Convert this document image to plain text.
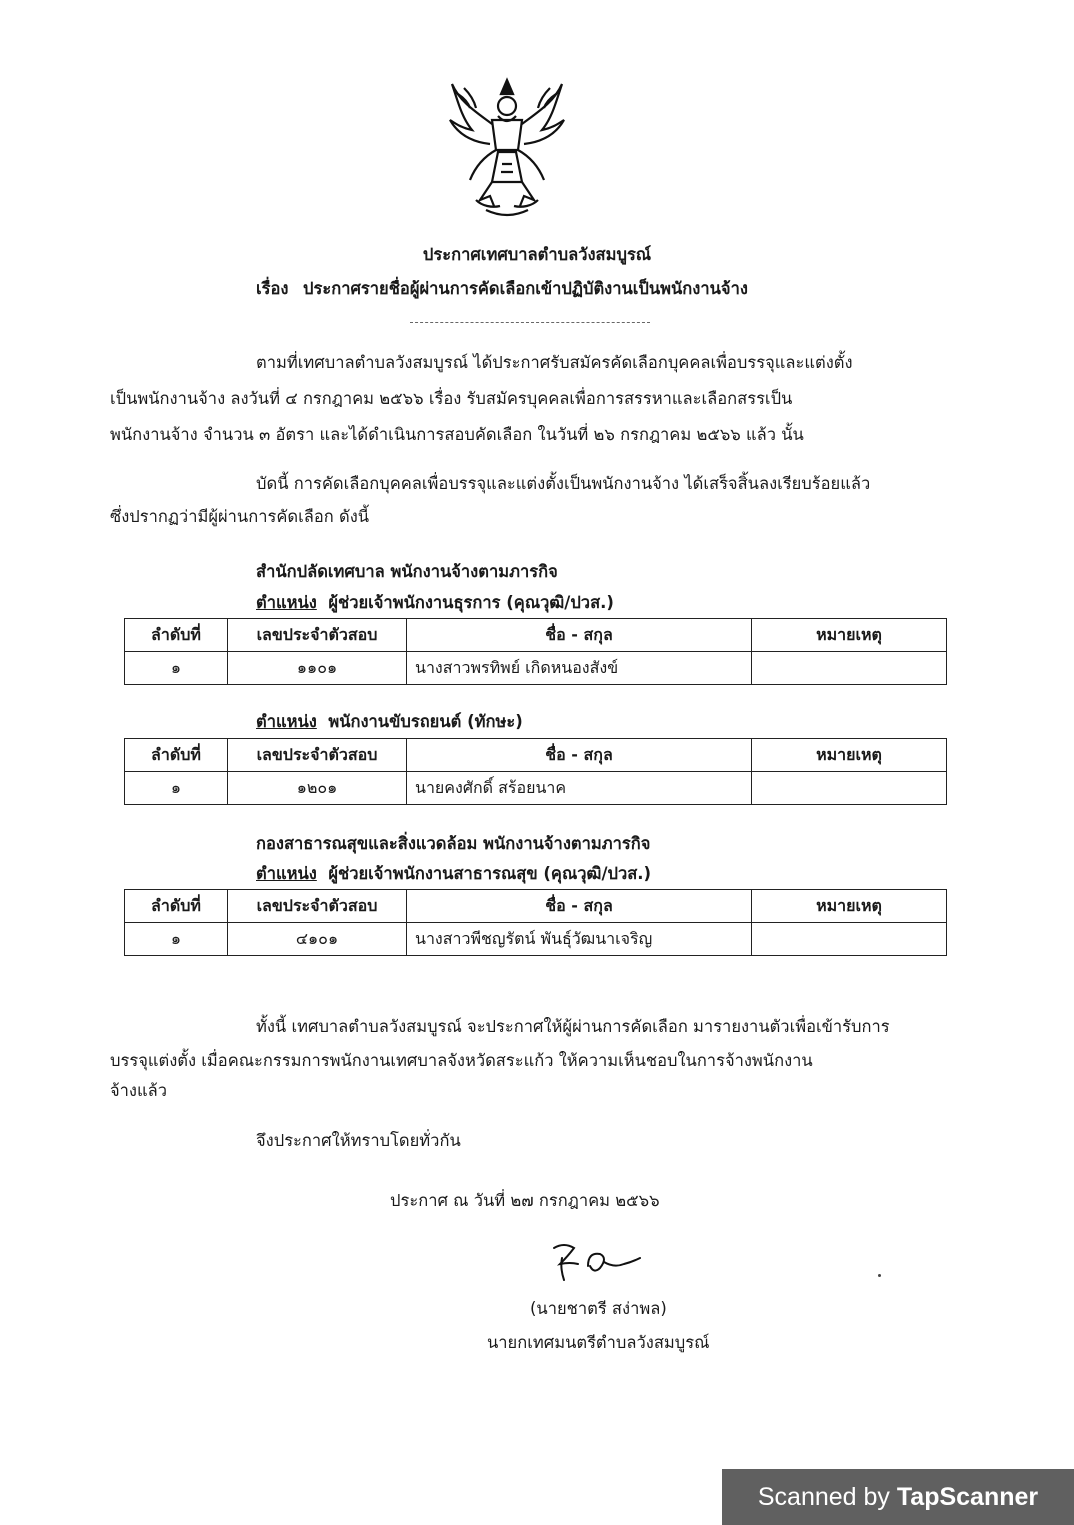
ประกาศเทศบาลตำบลวังสมบูรณ์
เรื่อง ประกาศรายชื่อผู้ผ่านการคัดเลือกเข้าปฏิบัติงานเป็นพนักงานจ้าง
ตามที่เทศบาลตำบลวังสมบูรณ์ ได้ประกาศรับสมัครคัดเลือกบุคคลเพื่อบรรจุและแต่งตั้ง
เป็นพนักงานจ้าง ลงวันที่ ๔ กรกฎาคม ๒๕๖๖ เรื่อง รับสมัครบุคคลเพื่อการสรรหาและเลือกสรรเป็น
พนักงานจ้าง จำนวน ๓ อัตรา และได้ดำเนินการสอบคัดเลือก ในวันที่ ๒๖ กรกฎาคม ๒๕๖๖ แล้ว นั้น
บัดนี้ การคัดเลือกบุคคลเพื่อบรรจุและแต่งตั้งเป็นพนักงานจ้าง ได้เสร็จสิ้นลงเรียบร้อยแล้ว
ซึ่งปรากฏว่ามีผู้ผ่านการคัดเลือก ดังนี้
สำนักปลัดเทศบาล พนักงานจ้างตามภารกิจ
ตำแหน่ง ผู้ช่วยเจ้าพนักงานธุรการ (คุณวุฒิ/ปวส.)
ลำดับที่	เลขประจำตัวสอบ	ชื่อ - สกุล	หมายเหตุ
๑	๑๑๐๑	นางสาวพรทิพย์ เกิดหนองสังข์	
ตำแหน่ง พนักงานขับรถยนต์ (ทักษะ)
ลำดับที่	เลขประจำตัวสอบ	ชื่อ - สกุล	หมายเหตุ
๑	๑๒๐๑	นายคงศักดิ์ สร้อยนาค	
กองสาธารณสุขและสิ่งแวดล้อม พนักงานจ้างตามภารกิจ
ตำแหน่ง ผู้ช่วยเจ้าพนักงานสาธารณสุข (คุณวุฒิ/ปวส.)
ลำดับที่	เลขประจำตัวสอบ	ชื่อ - สกุล	หมายเหตุ
๑	๔๑๐๑	นางสาวพีชญรัตน์ พันธุ์วัฒนาเจริญ	
ทั้งนี้ เทศบาลตำบลวังสมบูรณ์ จะประกาศให้ผู้ผ่านการคัดเลือก มารายงานตัวเพื่อเข้ารับการ
บรรจุแต่งตั้ง เมื่อคณะกรรมการพนักงานเทศบาลจังหวัดสระแก้ว ให้ความเห็นชอบในการจ้างพนักงาน
จ้างแล้ว
จึงประกาศให้ทราบโดยทั่วกัน
ประกาศ ณ วันที่ ๒๗ กรกฎาคม ๒๕๖๖
(นายชาตรี สง่าพล)
นายกเทศมนตรีตำบลวังสมบูรณ์
Scanned by TapScanner
